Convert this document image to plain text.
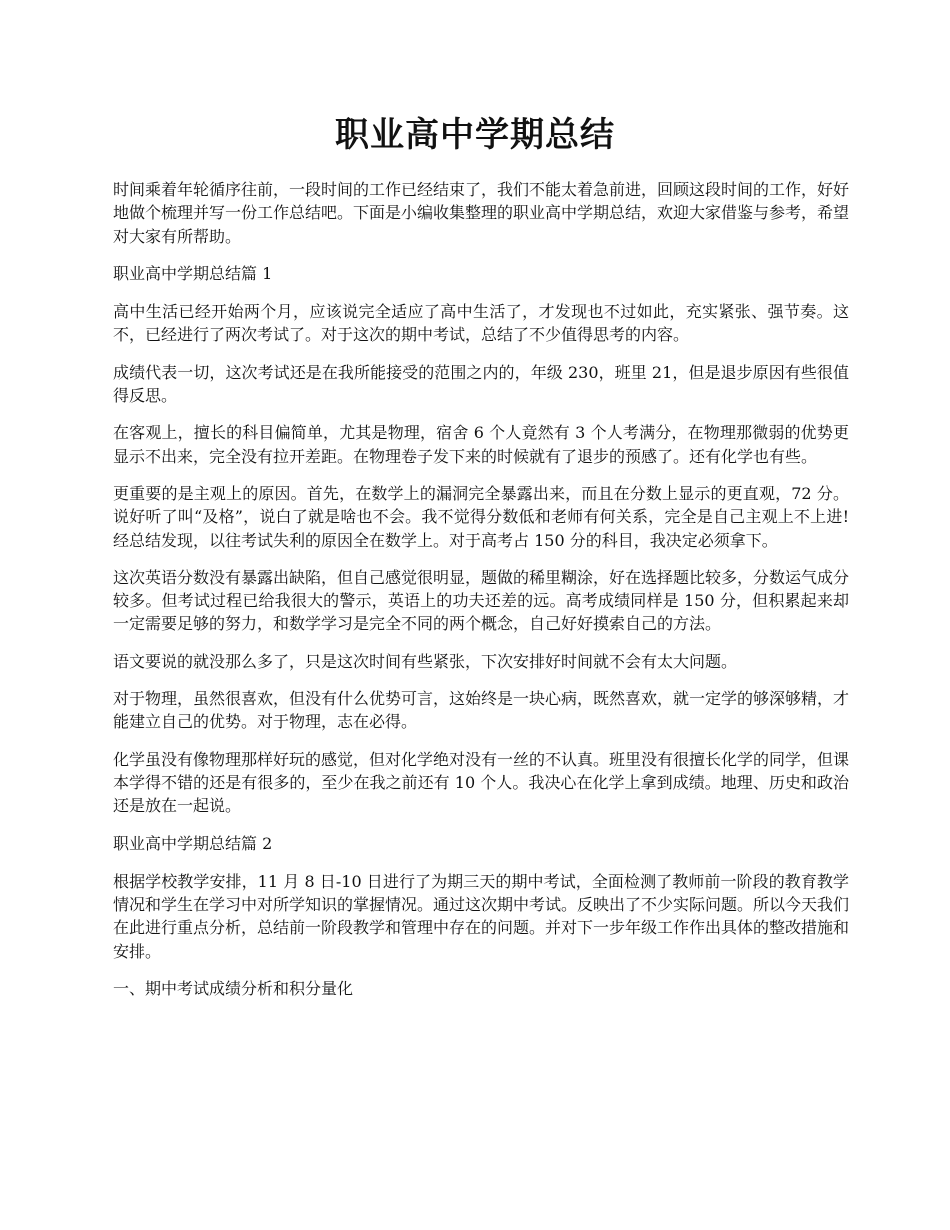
职业高中学期总结

时间乘着年轮循序往前，一段时间的工作已经结束了，我们不能太着急前进，回顾这段时间的工作，好好地做个梳理并写一份工作总结吧。下面是小编收集整理的职业高中学期总结，欢迎大家借鉴与参考，希望对大家有所帮助。

职业高中学期总结篇 1

高中生活已经开始两个月，应该说完全适应了高中生活了，才发现也不过如此，充实紧张、强节奏。这不，已经进行了两次考试了。对于这次的期中考试，总结了不少值得思考的内容。

成绩代表一切，这次考试还是在我所能接受的范围之内的，年级 230，班里 21，但是退步原因有些很值得反思。

在客观上，擅长的科目偏简单，尤其是物理，宿舍 6 个人竟然有 3 个人考满分，在物理那微弱的优势更显示不出来，完全没有拉开差距。在物理卷子发下来的时候就有了退步的预感了。还有化学也有些。

更重要的是主观上的原因。首先，在数学上的漏洞完全暴露出来，而且在分数上显示的更直观，72 分。说好听了叫“及格”，说白了就是啥也不会。我不觉得分数低和老师有何关系，完全是自己主观上不上进!经总结发现，以往考试失利的原因全在数学上。对于高考占 150 分的科目，我决定必须拿下。

这次英语分数没有暴露出缺陷，但自己感觉很明显，题做的稀里糊涂，好在选择题比较多，分数运气成分较多。但考试过程已给我很大的警示，英语上的功夫还差的远。高考成绩同样是 150 分，但积累起来却一定需要足够的努力，和数学学习是完全不同的两个概念，自己好好摸索自己的方法。

语文要说的就没那么多了，只是这次时间有些紧张，下次安排好时间就不会有太大问题。

对于物理，虽然很喜欢，但没有什么优势可言，这始终是一块心病，既然喜欢，就一定学的够深够精，才能建立自己的优势。对于物理，志在必得。

化学虽没有像物理那样好玩的感觉，但对化学绝对没有一丝的不认真。班里没有很擅长化学的同学，但课本学得不错的还是有很多的，至少在我之前还有 10 个人。我决心在化学上拿到成绩。地理、历史和政治还是放在一起说。

职业高中学期总结篇 2

根据学校教学安排，11 月 8 日-10 日进行了为期三天的期中考试，全面检测了教师前一阶段的教育教学情况和学生在学习中对所学知识的掌握情况。通过这次期中考试。反映出了不少实际问题。所以今天我们在此进行重点分析，总结前一阶段教学和管理中存在的问题。并对下一步年级工作作出具体的整改措施和安排。

一、期中考试成绩分析和积分量化
